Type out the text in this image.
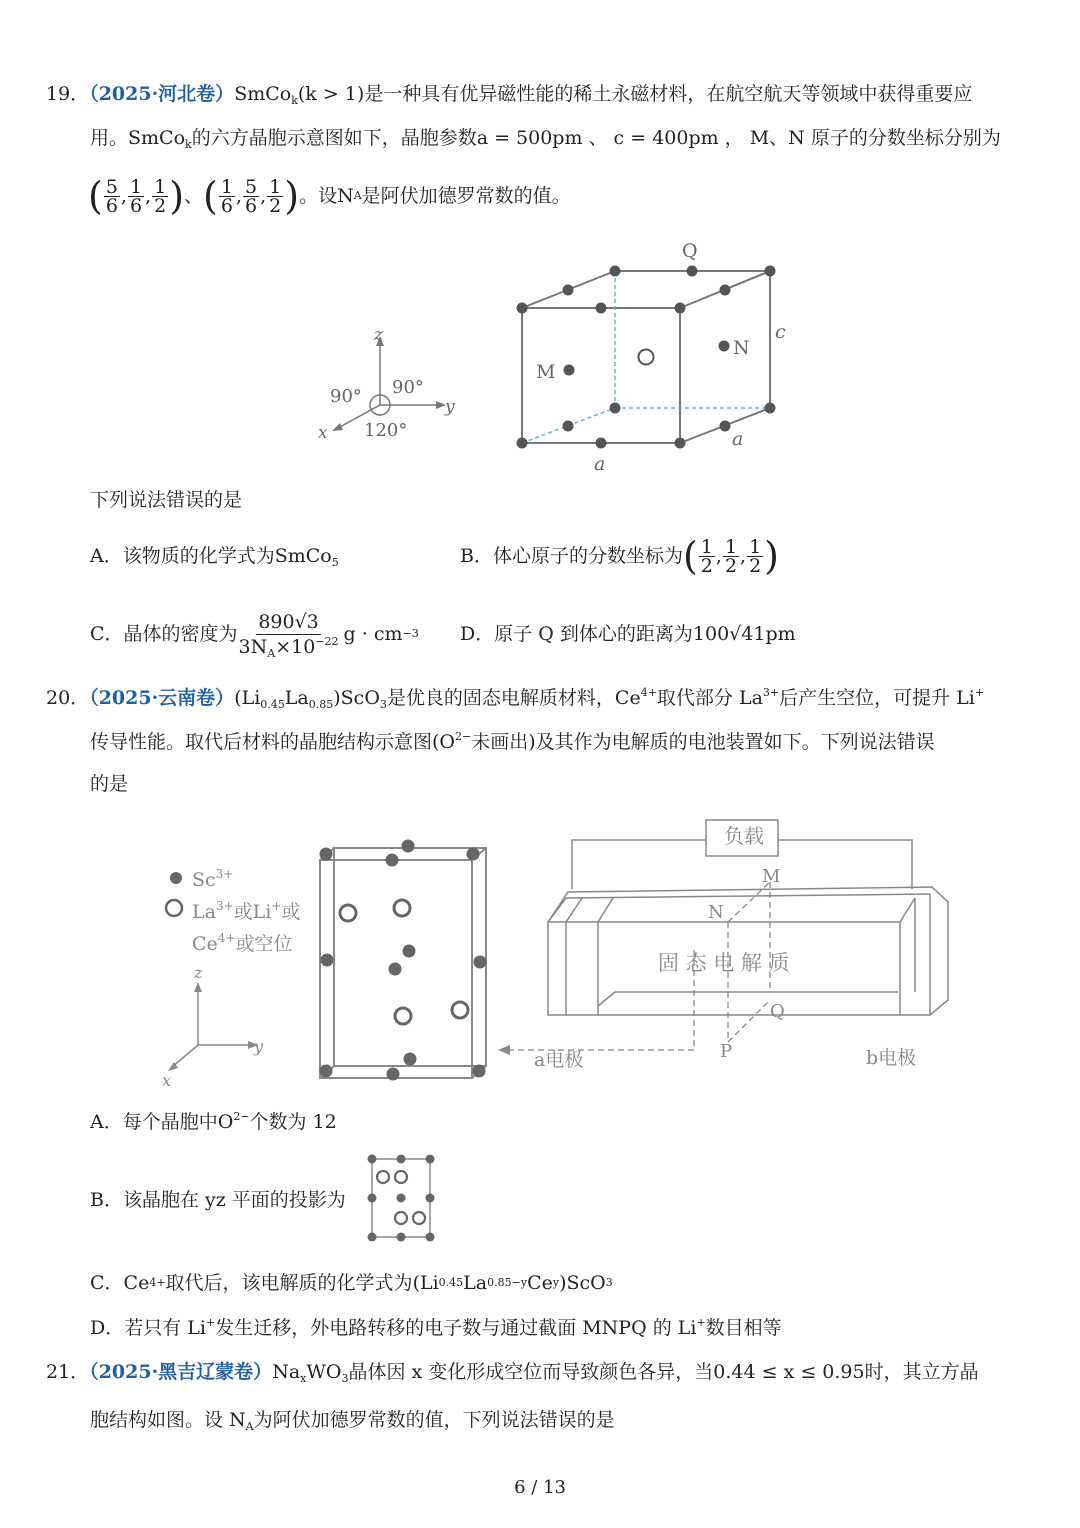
19．（2025·河北卷）SmCo$_k$(k > 1)是一种具有优异磁性能的稀土永磁材料，在航空航天等领域中获得重要应
用。SmCo$_k$的六方晶胞示意图如下，晶胞参数a = 500pm 、 c = 400pm ， M、N 原子的分数坐标分别为
( $\frac{5}{6}$ , $\frac{1}{6}$ , $\frac{1}{2}$ ) 、 ( $\frac{1}{6}$ , $\frac{5}{6}$ , $\frac{1}{2}$ ) 。设 N A 是阿伏加德罗常数的值。
z
y
x
90° 90°
120°
Q
N
M
c
a
a
下列说法错误的是
A．该物质的化学式为SmCo$_5$	B．体心原子的分数坐标为 ( $\frac{1}{2}$ , $\frac{1}{2}$ , $\frac{1}{2}$ )
C．晶体的密度为 $\frac{890√3}{3N_A\times 10^{-22}}$ g · cm −3 D．原子 Q 到体心的距离为100√41pm
20．（2025·云南卷）$(Li_{0.45}La_{0.85})ScO_3$是优良的固态电解质材料，$Ce^{4+}$取代部分 $La^{3+}$后产生空位，可提升 Li+
传导性能。取代后材料的晶胞结构示意图($O^{2-}$未画出)及其作为电解质的电池装置如下。下列说法错误
的是
$Sc^{3+}$
$La^{3+}$或Li+或
$Ce^{4+}$或空位
z
y
x
负载
M
N
Q
P
固 态 电 解 质
a电极	b电极
A．每个晶胞中$O^{2-}$个数为 12
B．该晶胞在 yz 平面的投影为
C．Ce 4+ 取代后，该电解质的化学式为 (Li 0.45 La 0.85−y Ce y )ScO 3
D．若只有 Li+发生迁移，外电路转移的电子数与通过截面 MNPQ 的 Li+数目相等
21．（2025·黑吉辽蒙卷）$Na_xWO_3$晶体因 x 变化形成空位而导致颜色各异，当0.44 ≤ x ≤ 0.95时，其立方晶
胞结构如图。设 $N_A$为阿伏加德罗常数的值，下列说法错误的是
6 / 13
